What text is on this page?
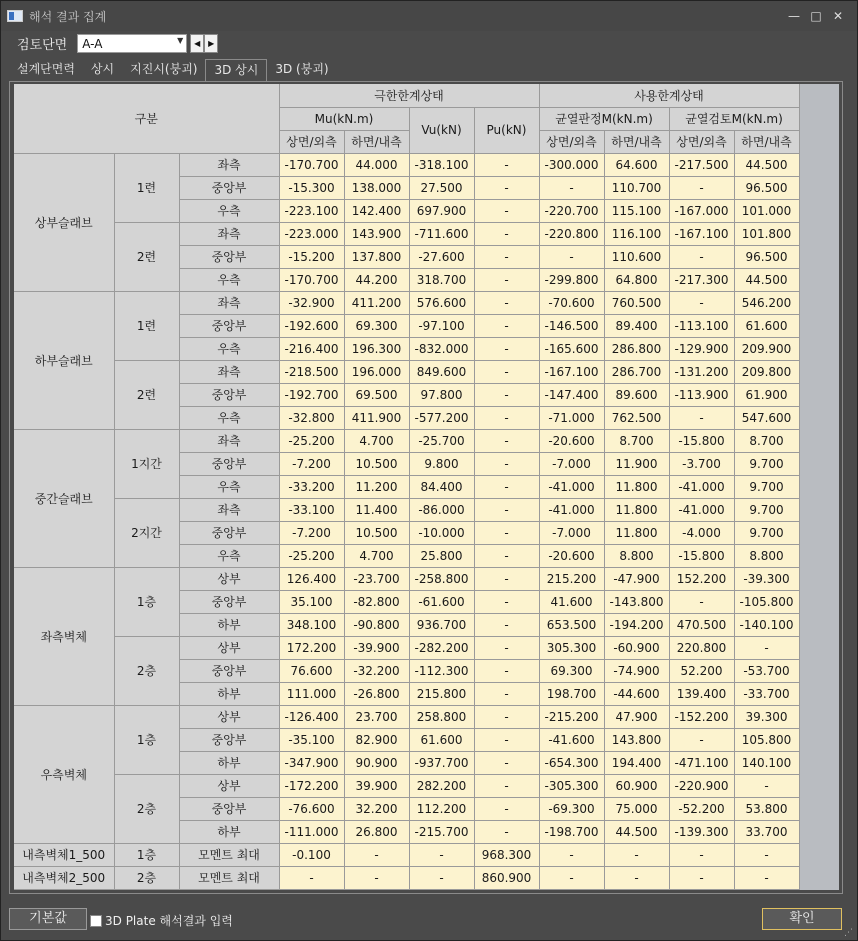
해석 결과 집계	— □ ✕
검토단면 A-A	▼	◀ ▶
설계단면력	상시	지진시(붕괴)	3D 상시	3D (붕괴)
구분			극한한계상태				사용한계상태			
			Mu(kN.m)		Vu(kN)	Pu(kN)	균열판정M(kN.m)		균열검토M(kN.m)	
			상면/외측	하면/내측			상면/외측	하면/내측	상면/외측	하면/내측
상부슬래브	1련	좌측	-170.700	44.000	-318.100	-	-300.000	64.600	-217.500	44.500
		중앙부	-15.300	138.000	27.500	-	-	110.700	-	96.500
		우측	-223.100	142.400	697.900	-	-220.700	115.100	-167.000	101.000
	2련	좌측	-223.000	143.900	-711.600	-	-220.800	116.100	-167.100	101.800
		중앙부	-15.200	137.800	-27.600	-	-	110.600	-	96.500
		우측	-170.700	44.200	318.700	-	-299.800	64.800	-217.300	44.500
하부슬래브	1련	좌측	-32.900	411.200	576.600	-	-70.600	760.500	-	546.200
		중앙부	-192.600	69.300	-97.100	-	-146.500	89.400	-113.100	61.600
		우측	-216.400	196.300	-832.000	-	-165.600	286.800	-129.900	209.900
	2련	좌측	-218.500	196.000	849.600	-	-167.100	286.700	-131.200	209.800
		중앙부	-192.700	69.500	97.800	-	-147.400	89.600	-113.900	61.900
		우측	-32.800	411.900	-577.200	-	-71.000	762.500	-	547.600
중간슬래브	1지간	좌측	-25.200	4.700	-25.700	-	-20.600	8.700	-15.800	8.700
		중앙부	-7.200	10.500	9.800	-	-7.000	11.900	-3.700	9.700
		우측	-33.200	11.200	84.400	-	-41.000	11.800	-41.000	9.700
	2지간	좌측	-33.100	11.400	-86.000	-	-41.000	11.800	-41.000	9.700
		중앙부	-7.200	10.500	-10.000	-	-7.000	11.800	-4.000	9.700
		우측	-25.200	4.700	25.800	-	-20.600	8.800	-15.800	8.800
좌측벽체	1층	상부	126.400	-23.700	-258.800	-	215.200	-47.900	152.200	-39.300
		중앙부	35.100	-82.800	-61.600	-	41.600	-143.800	-	-105.800
		하부	348.100	-90.800	936.700	-	653.500	-194.200	470.500	-140.100
	2층	상부	172.200	-39.900	-282.200	-	305.300	-60.900	220.800	-
		중앙부	76.600	-32.200	-112.300	-	69.300	-74.900	52.200	-53.700
		하부	111.000	-26.800	215.800	-	198.700	-44.600	139.400	-33.700
우측벽체	1층	상부	-126.400	23.700	258.800	-	-215.200	47.900	-152.200	39.300
		중앙부	-35.100	82.900	61.600	-	-41.600	143.800	-	105.800
		하부	-347.900	90.900	-937.700	-	-654.300	194.400	-471.100	140.100
	2층	상부	-172.200	39.900	282.200	-	-305.300	60.900	-220.900	-
		중앙부	-76.600	32.200	112.200	-	-69.300	75.000	-52.200	53.800
		하부	-111.000	26.800	-215.700	-	-198.700	44.500	-139.300	33.700
내측벽체1_500	1층	모멘트 최대	-0.100	-	-	968.300	-	-	-	-
내측벽체2_500	2층	모멘트 최대	-	-	-	860.900	-	-	-	-
기본값	3D Plate 해석결과 입력	확인
⋰
